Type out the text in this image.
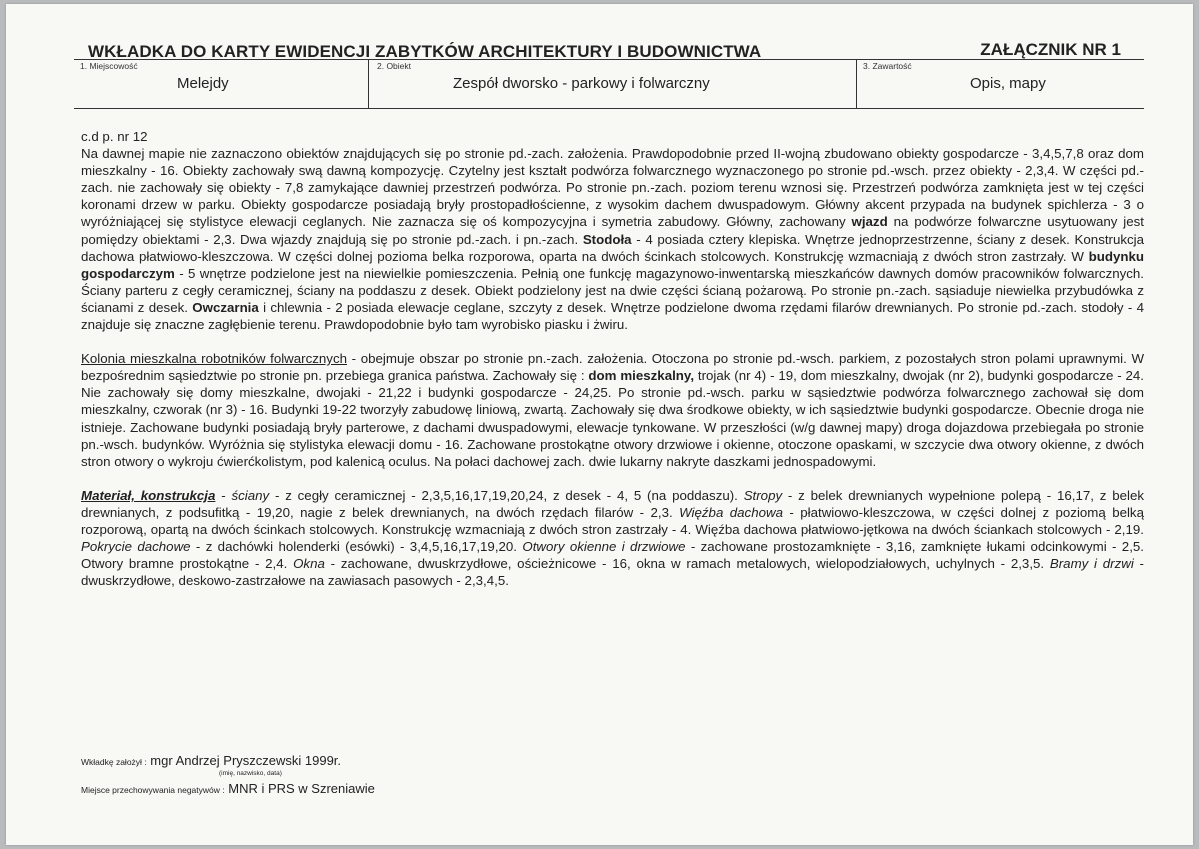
WKŁADKA DO KARTY EWIDENCJI ZABYTKÓW ARCHITEKTURY I BUDOWNICTWA	ZAŁĄCZNIK NR 1
1. Miejscowość
Melejdy
2. Obiekt
Zespół dworsko - parkowy i folwarczny
3. Zawartość
Opis, mapy

c.d p. nr 12
Na dawnej mapie nie zaznaczono obiektów znajdujących się po stronie pd.-zach. założenia. Prawdopodobnie przed II-wojną zbudowano obiekty gospodarcze - 3,4,5,7,8 oraz dom mieszkalny - 16. Obiekty zachowały swą dawną kompozycję. Czytelny jest kształt podwórza folwarcznego wyznaczonego po stronie pd.-wsch. przez obiekty - 2,3,4. W części pd.-zach. nie zachowały się obiekty - 7,8 zamykające dawniej przestrzeń podwórza. Po stronie pn.-zach. poziom terenu wznosi się. Przestrzeń podwórza zamknięta jest w tej części koronami drzew w parku. Obiekty gospodarcze posiadają bryły prostopadłościenne, z wysokim dachem dwuspadowym. Główny akcent przypada na budynek spichlerza - 3 o wyróżniającej się stylistyce elewacji ceglanych. Nie zaznacza się oś kompozycyjna i symetria zabudowy. Główny, zachowany wjazd na podwórze folwarczne usytuowany jest pomiędzy obiektami - 2,3. Dwa wjazdy znajdują się po stronie pd.-zach. i pn.-zach. Stodoła - 4 posiada cztery klepiska. Wnętrze jednoprzestrzenne, ściany z desek. Konstrukcja dachowa płatwiowo-kleszczowa. W części dolnej pozioma belka rozporowa, oparta na dwóch ścinkach stolcowych. Konstrukcję wzmacniają z dwóch stron zastrzały. W budynku gospodarczym - 5 wnętrze podzielone jest na niewielkie pomieszczenia. Pełnią one funkcję magazynowo-inwentarską mieszkańców dawnych domów pracowników folwarcznych. Ściany parteru z cegły ceramicznej, ściany na poddaszu z desek. Obiekt podzielony jest na dwie części ścianą pożarową. Po stronie pn.-zach. sąsiaduje niewielka przybudówka z ścianami z desek. Owczarnia i chlewnia - 2 posiada elewacje ceglane, szczyty z desek. Wnętrze podzielone dwoma rzędami filarów drewnianych. Po stronie pd.-zach. stodoły - 4 znajduje się znaczne zagłębienie terenu. Prawdopodobnie było tam wyrobisko piasku i żwiru.

Kolonia mieszkalna robotników folwarcznych - obejmuje obszar po stronie pn.-zach. założenia. Otoczona po stronie pd.-wsch. parkiem, z pozostałych stron polami uprawnymi. W bezpośrednim sąsiedztwie po stronie pn. przebiega granica państwa. Zachowały się : dom mieszkalny, trojak (nr 4) - 19, dom mieszkalny, dwojak (nr 2), budynki gospodarcze - 24. Nie zachowały się domy mieszkalne, dwojaki - 21,22 i budynki gospodarcze - 24,25. Po stronie pd.-wsch. parku w sąsiedztwie podwórza folwarcznego zachował się dom mieszkalny, czworak (nr 3) - 16. Budynki 19-22 tworzyły zabudowę liniową, zwartą. Zachowały się dwa środkowe obiekty, w ich sąsiedztwie budynki gospodarcze. Obecnie droga nie istnieje. Zachowane budynki posiadają bryły parterowe, z dachami dwuspadowymi, elewacje tynkowane. W przeszłości (w/g dawnej mapy) droga dojazdowa przebiegała po stronie pn.-wsch. budynków. Wyróżnia się stylistyka elewacji domu - 16. Zachowane prostokątne otwory drzwiowe i okienne, otoczone opaskami, w szczycie dwa otwory okienne, z dwóch stron otwory o wykroju ćwierćkolistym, pod kalenicą oculus. Na połaci dachowej zach. dwie lukarny nakryte daszkami jednospadowymi.

Materiał, konstrukcja - ściany - z cegły ceramicznej - 2,3,5,16,17,19,20,24, z desek - 4, 5 (na poddaszu). Stropy - z belek drewnianych wypełnione polepą - 16,17, z belek drewnianych, z podsufitką - 19,20, nagie z belek drewnianych, na dwóch rzędach filarów - 2,3. Więźba dachowa - płatwiowo-kleszczowa, w części dolnej z poziomą belką rozporową, opartą na dwóch ścinkach stolcowych. Konstrukcję wzmacniają z dwóch stron zastrzały - 4. Więźba dachowa płatwiowo-jętkowa na dwóch ściankach stolcowych - 2,19. Pokrycie dachowe - z dachówki holenderki (esówki) - 3,4,5,16,17,19,20. Otwory okienne i drzwiowe - zachowane prostozamknięte - 3,16, zamknięte łukami odcinkowymi - 2,5. Otwory bramne prostokątne - 2,4. Okna - zachowane, dwuskrzydłowe, ościeżnicowe - 16, okna w ramach metalowych, wielopodziałowych, uchylnych - 2,3,5. Bramy i drzwi - dwuskrzydłowe, deskowo-zastrzałowe na zawiasach pasowych - 2,3,4,5.

Wkładkę założył : mgr Andrzej Pryszczewski 1999r.
(imię, nazwisko, data)
Miejsce przechowywania negatywów : MNR i PRS w Szreniawie
